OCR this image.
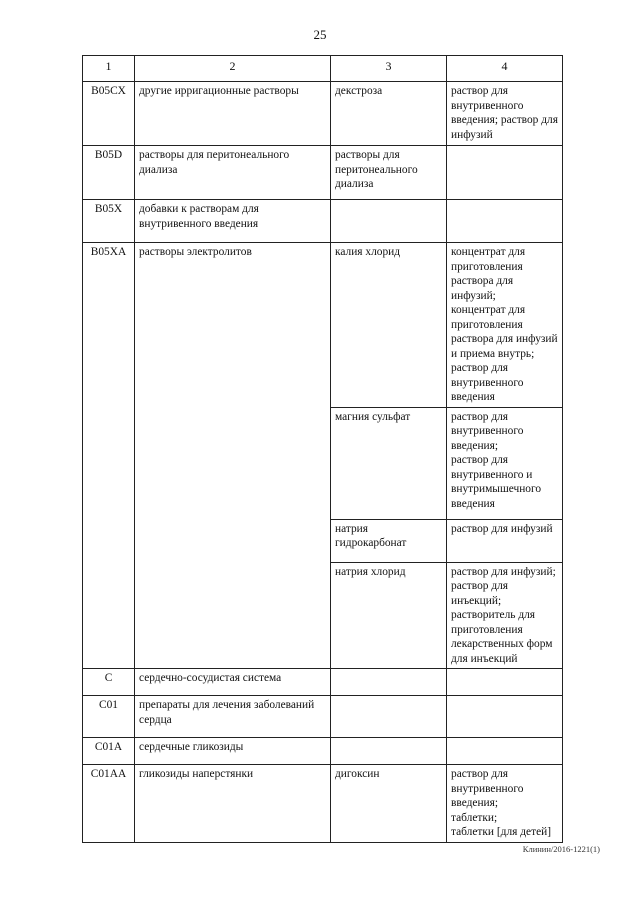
25
1	2	3	4
B05CX	другие ирригационные растворы	декстроза	раствор для внутривенного введения; раствор для инфузий

B05D	растворы для перитонеального диализа	растворы для перитонеального диализа	
B05X	добавки к растворам для внутривенного введения		
B05XA	растворы электролитов	калия хлорид	концентрат для приготовления раствора для инфузий;
концентрат для приготовления раствора для инфузий и приема внутрь;
раствор для внутривенного введения

		магния сульфат	раствор для внутривенного введения;
раствор для внутривенного и внутримышечного введения

		натрия гидрокарбонат	раствор для инфузий

		натрия хлорид	раствор для инфузий;
раствор для инъекций;
растворитель для приготовления лекарственных форм для инъекций

C	сердечно-сосудистая система		
C01	препараты для лечения заболеваний сердца		
C01A	сердечные гликозиды		
C01AA	гликозиды наперстянки	дигоксин	раствор для внутривенного введения;
таблетки;
таблетки [для детей]
Клинин/2016-1221(1)
